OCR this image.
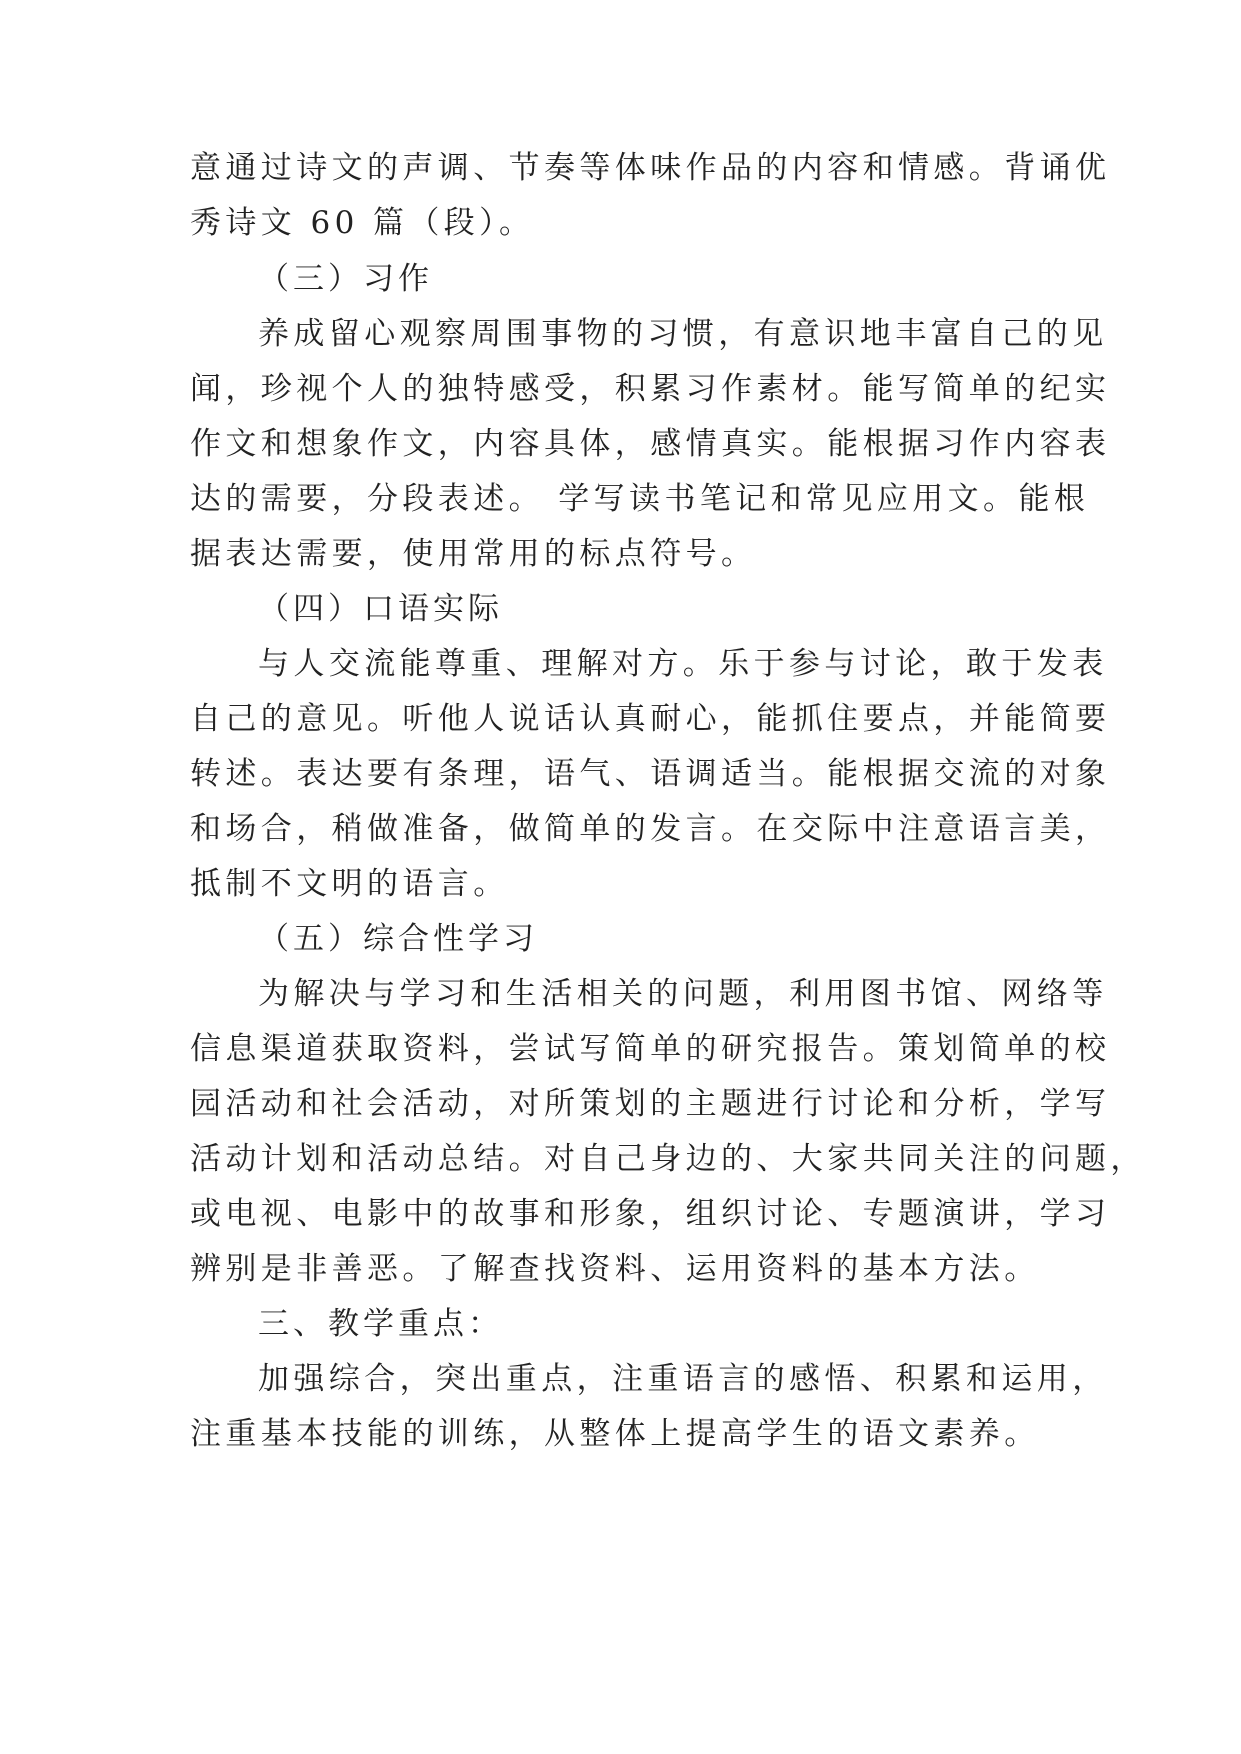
意通过诗文的声调、节奏等体味作品的内容和情感。背诵优
秀诗文 60 篇（段）。
（三）习作
养成留心观察周围事物的习惯，有意识地丰富自己的见
闻，珍视个人的独特感受，积累习作素材。能写简单的纪实
作文和想象作文，内容具体，感情真实。能根据习作内容表
达的需要，分段表述。 学写读书笔记和常见应用文。能根
据表达需要，使用常用的标点符号。
（四）口语实际
与人交流能尊重、理解对方。乐于参与讨论，敢于发表
自己的意见。听他人说话认真耐心，能抓住要点，并能简要
转述。表达要有条理，语气、语调适当。能根据交流的对象
和场合，稍做准备，做简单的发言。在交际中注意语言美，
抵制不文明的语言。
（五）综合性学习
为解决与学习和生活相关的问题，利用图书馆、网络等
信息渠道获取资料，尝试写简单的研究报告。策划简单的校
园活动和社会活动，对所策划的主题进行讨论和分析，学写
活动计划和活动总结。对自己身边的、大家共同关注的问题，
或电视、电影中的故事和形象，组织讨论、专题演讲，学习
辨别是非善恶。了解查找资料、运用资料的基本方法。
三、教学重点：
加强综合，突出重点，注重语言的感悟、积累和运用，
注重基本技能的训练，从整体上提高学生的语文素养。
